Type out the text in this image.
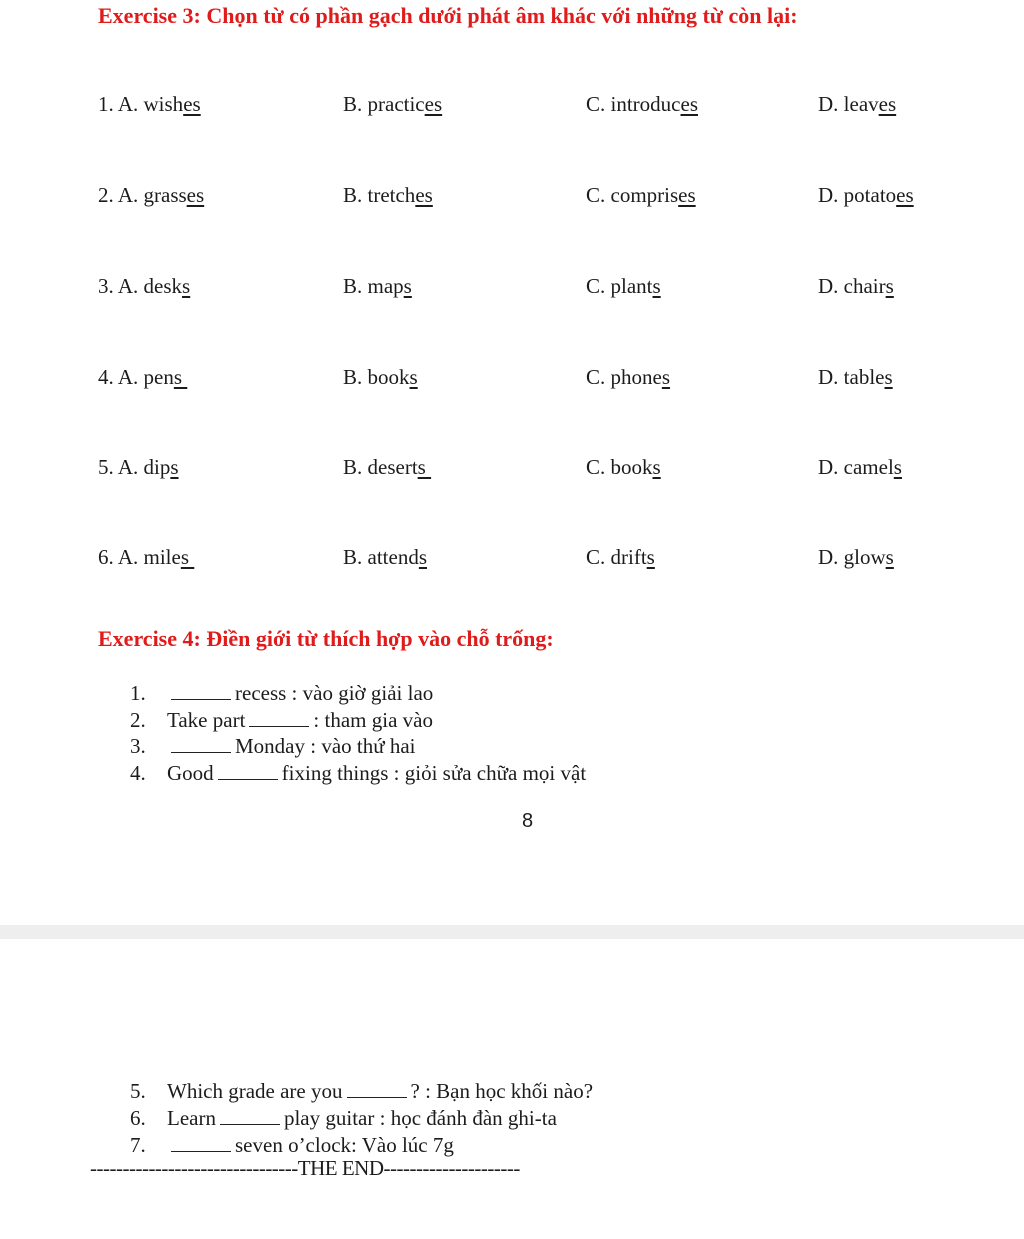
Exercise 3: Chọn từ có phần gạch dưới phát âm khác với những từ còn lại:
1. A. wishes	B. practices	C. introduces	D. leaves
2. A. grasses	B. tretches	C. comprises	D. potatoes
3. A. desks	B. maps	C. plants	D. chairs
4. A. pens	B. books	C. phones	D. tables
5. A. dips	B. deserts	C. books	D. camels
6. A. miles	B. attends	C. drifts	D. glows
Exercise 4: Điền giới từ thích hợp vào chỗ trống:
1.	recess : vào giờ giải lao
2. Take part	: tham gia vào
3.	Monday : vào thứ hai
4. Good	fixing things : giỏi sửa chữa mọi vật
8
5. Which grade are you	? : Bạn học khối nào?
6. Learn	play guitar : học đánh đàn ghi-ta
7.	seven o’clock: Vào lúc 7g
--------------------------------THE END---------------------
